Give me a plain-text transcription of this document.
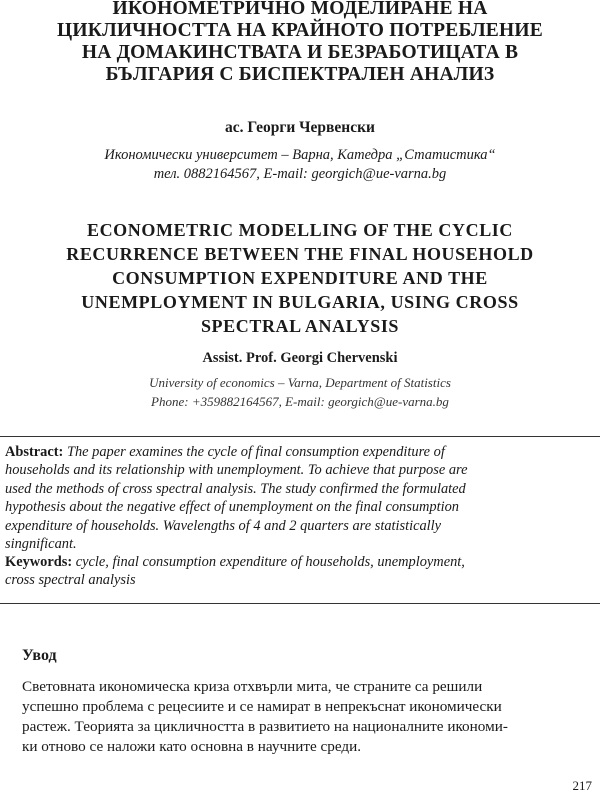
ИКОНОМЕТРИЧНО МОДЕЛИРАНЕ НА
ЦИКЛИЧНОСТТА НА КРАЙНОТО ПОТРЕБЛЕНИЕ
НА ДОМАКИНСТВАТА И БЕЗРАБОТИЦАТА В
БЪЛГАРИЯ С БИСПЕКТРАЛЕН АНАЛИЗ
ас. Георги Червенски
Икономически университет – Варна, Катедра „Статистика“
тел. 0882164567, E-mail: georgich@ue-varna.bg
ECONOMETRIC MODELLING OF THE CYCLIC
RECURRENCE BETWEEN THE FINAL HOUSEHOLD
CONSUMPTION EXPENDITURE AND THE
UNEMPLOYMENT IN BULGARIA, USING CROSS
SPECTRAL ANALYSIS
Assist. Prof. Georgi Chervenski
University of economics – Varna, Department of Statistics
Phone: +359882164567, E-mail: georgich@ue-varna.bg
Abstract: The paper examines the cycle of final consumption expenditure of
households and its relationship with unemployment. To achieve that purpose are
used the methods of cross spectral analysis. The study confirmed the formulated
hypothesis about the negative effect of unemployment on the final consumption
expenditure of households. Wavelengths of 4 and 2 quarters are statistically
singnificant.
Keywords: cycle, final consumption expenditure of households, unemployment,
cross spectral analysis
Увод
Световната икономическа криза отхвърли мита, че страните са решили
успешно проблема с рецесиите и се намират в непрекъснат икономически
растеж. Теорията за цикличността в развитието на националните икономи-
ки отново се наложи като основна в научните среди.
217
